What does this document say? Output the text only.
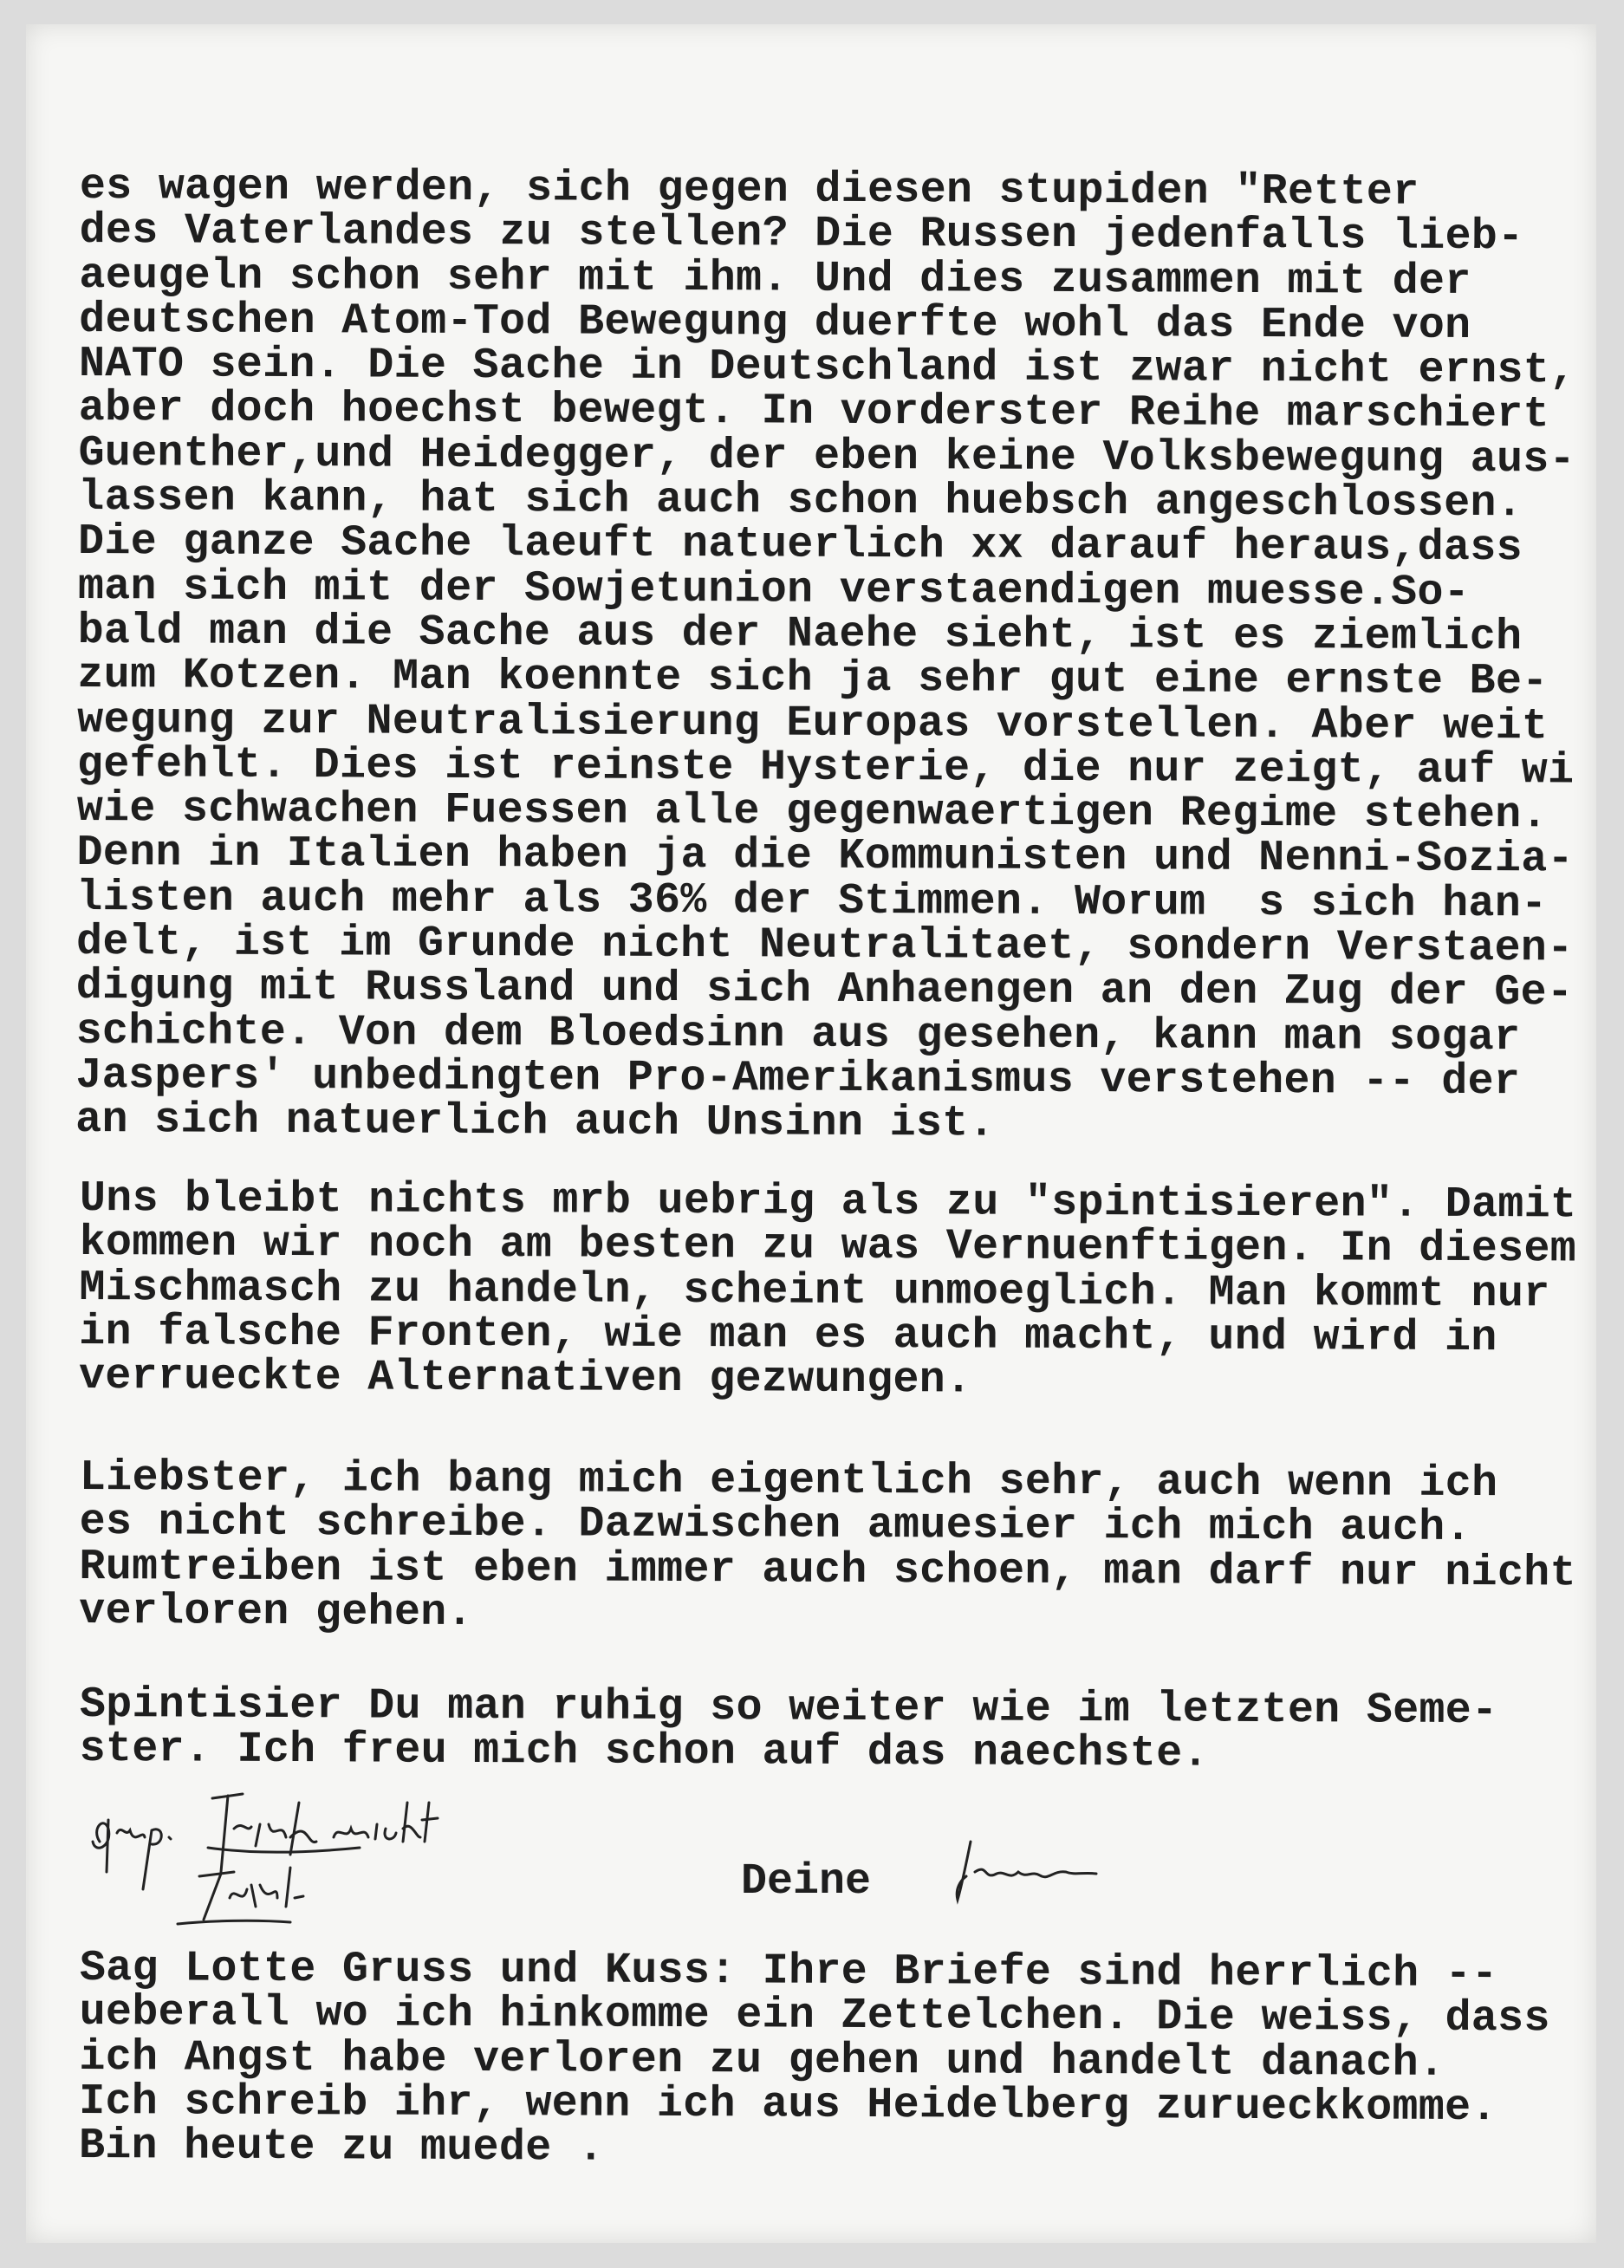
es wagen werden, sich gegen diesen stupiden "Retter
des Vaterlandes zu stellen? Die Russen jedenfalls lieb-
aeugeln schon sehr mit ihm. Und dies zusammen mit der
deutschen Atom-Tod Bewegung duerfte wohl das Ende von
NATO sein. Die Sache in Deutschland ist zwar nicht ernst,
aber doch hoechst bewegt. In vorderster Reihe marschiert
Guenther,und Heidegger, der eben keine Volksbewegung aus-
lassen kann, hat sich auch schon huebsch angeschlossen.
Die ganze Sache laeuft natuerlich xx darauf heraus,dass
man sich mit der Sowjetunion verstaendigen muesse.So-
bald man die Sache aus der Naehe sieht, ist es ziemlich
zum Kotzen. Man koennte sich ja sehr gut eine ernste Be-
wegung zur Neutralisierung Europas vorstellen. Aber weit
gefehlt. Dies ist reinste Hysterie, die nur zeigt, auf wi
wie schwachen Fuessen alle gegenwaertigen Regime stehen.
Denn in Italien haben ja die Kommunisten und Nenni-Sozia-
listen auch mehr als 36% der Stimmen. Worum  s sich han-
delt, ist im Grunde nicht Neutralitaet, sondern Verstaen-
digung mit Russland und sich Anhaengen an den Zug der Ge-
schichte. Von dem Bloedsinn aus gesehen, kann man sogar
Jaspers' unbedingten Pro-Amerikanismus verstehen -- der
an sich natuerlich auch Unsinn ist.
Uns bleibt nichts mrb uebrig als zu "spintisieren". Damit
kommen wir noch am besten zu was Vernuenftigen. In diesem
Mischmasch zu handeln, scheint unmoeglich. Man kommt nur
in falsche Fronten, wie man es auch macht, und wird in
verrueckte Alternativen gezwungen.
Liebster, ich bang mich eigentlich sehr, auch wenn ich
es nicht schreibe. Dazwischen amuesier ich mich auch.
Rumtreiben ist eben immer auch schoen, man darf nur nicht
verloren gehen.
Spintisier Du man ruhig so weiter wie im letzten Seme-
ster. Ich freu mich schon auf das naechste.
Sag Lotte Gruss und Kuss: Ihre Briefe sind herrlich --
ueberall wo ich hinkomme ein Zettelchen. Die weiss, dass
ich Angst habe verloren zu gehen und handelt danach.
Ich schreib ihr, wenn ich aus Heidelberg zurueckkomme.
Bin heute zu muede .
Deine
